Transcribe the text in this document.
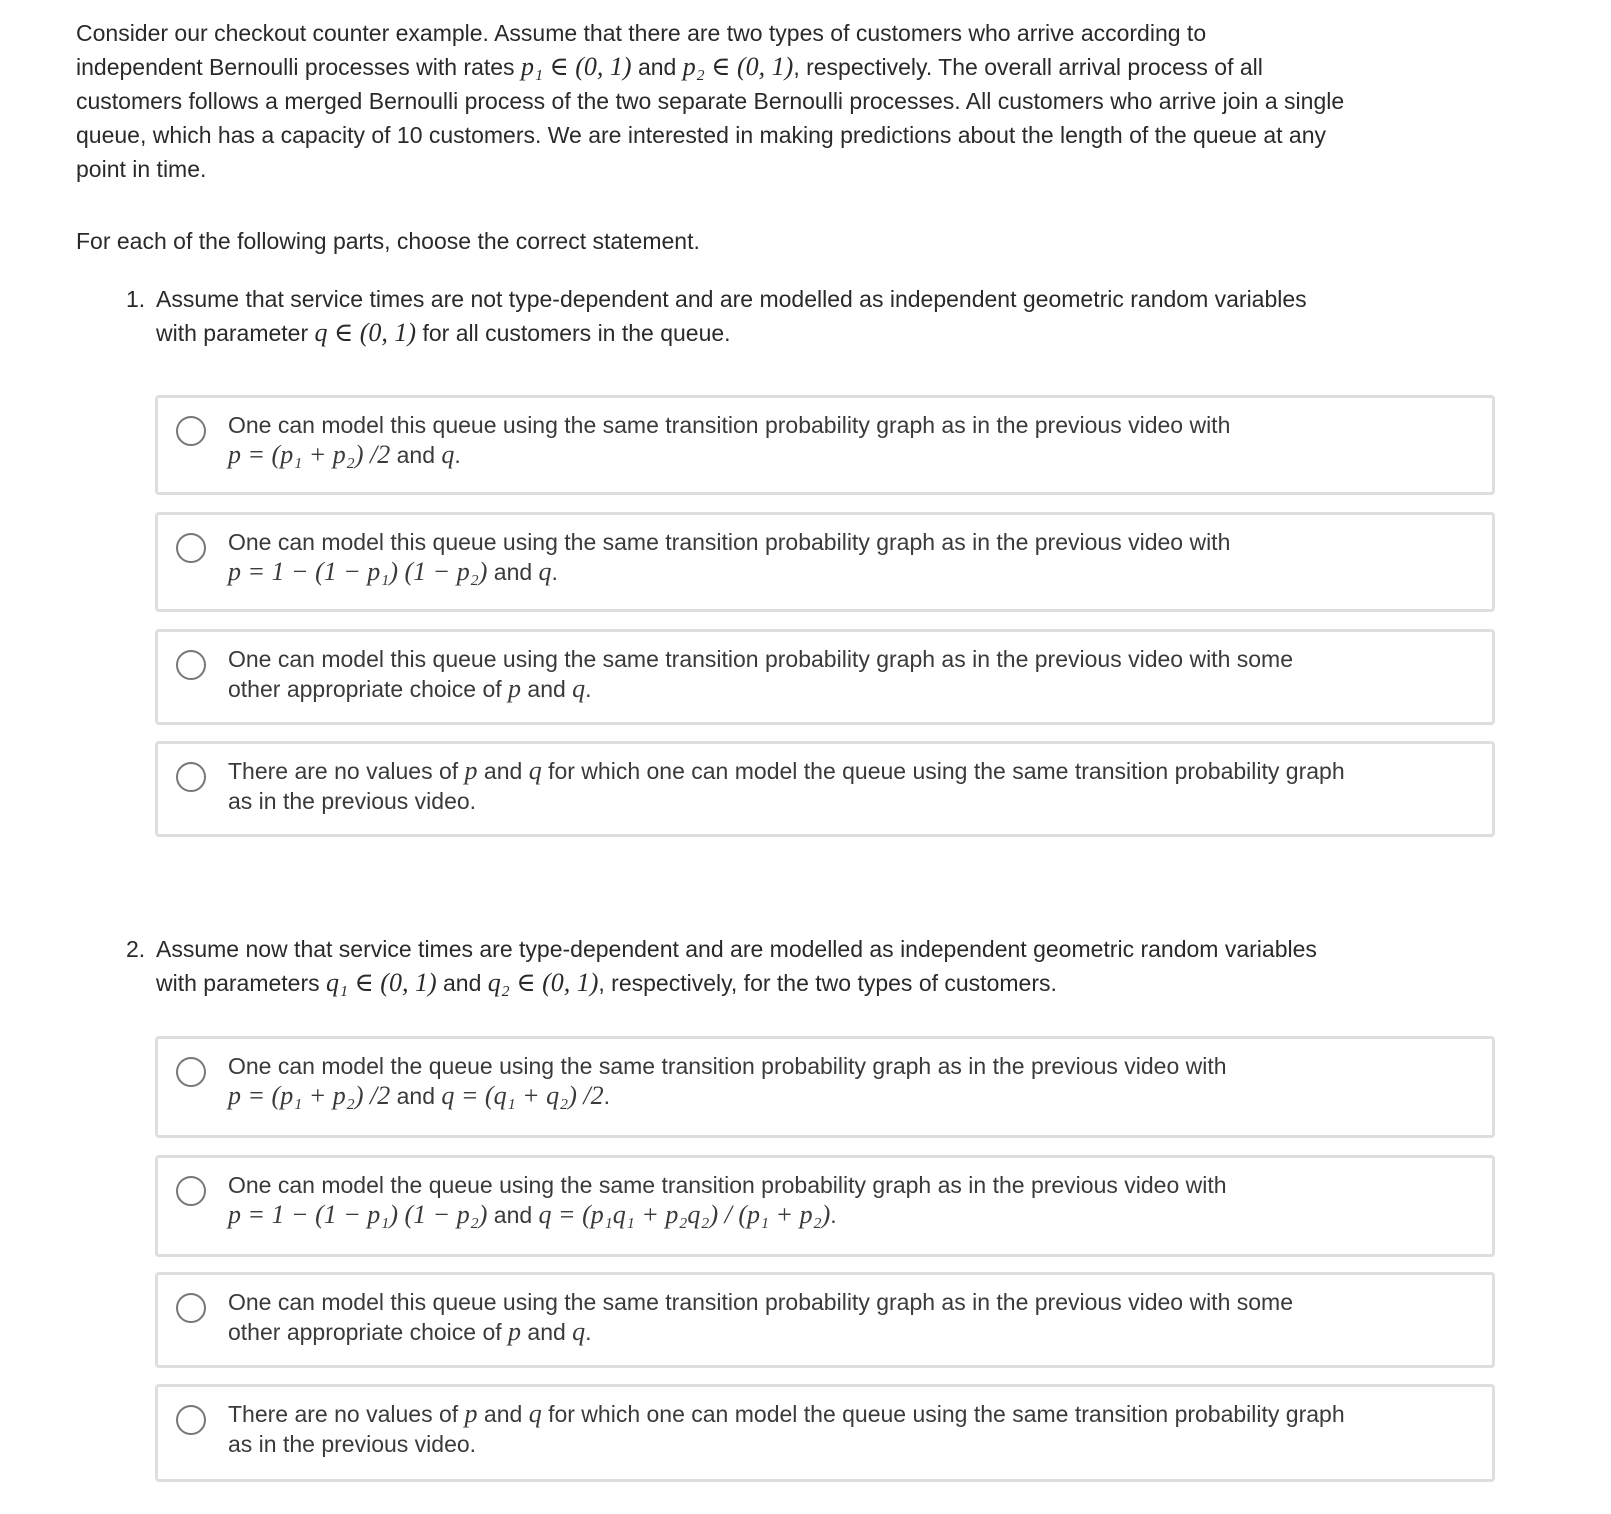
Consider our checkout counter example. Assume that there are two types of customers who arrive according to
independent Bernoulli processes with rates p₁ ∈ (0, 1) and p₂ ∈ (0, 1), respectively. The overall arrival process of all
customers follows a merged Bernoulli process of the two separate Bernoulli processes. All customers who arrive join a single
queue, which has a capacity of 10 customers. We are interested in making predictions about the length of the queue at any
point in time.
For each of the following parts, choose the correct statement.
1. Assume that service times are not type-dependent and are modelled as independent geometric random variables
with parameter q ∈ (0, 1) for all customers in the queue.
One can model this queue using the same transition probability graph as in the previous video with
p = (p₁ + p₂) /2 and q.
One can model this queue using the same transition probability graph as in the previous video with
p = 1 − (1 − p₁) (1 − p₂) and q.
One can model this queue using the same transition probability graph as in the previous video with some
other appropriate choice of p and q.
There are no values of p and q for which one can model the queue using the same transition probability graph
as in the previous video.
2. Assume now that service times are type-dependent and are modelled as independent geometric random variables
with parameters q₁ ∈ (0, 1) and q₂ ∈ (0, 1), respectively, for the two types of customers.
One can model the queue using the same transition probability graph as in the previous video with
p = (p₁ + p₂) /2 and q = (q₁ + q₂) /2.
One can model the queue using the same transition probability graph as in the previous video with
p = 1 − (1 − p₁) (1 − p₂) and q = (p₁q₁ + p₂q₂) / (p₁ + p₂).
One can model this queue using the same transition probability graph as in the previous video with some
other appropriate choice of p and q.
There are no values of p and q for which one can model the queue using the same transition probability graph
as in the previous video.
